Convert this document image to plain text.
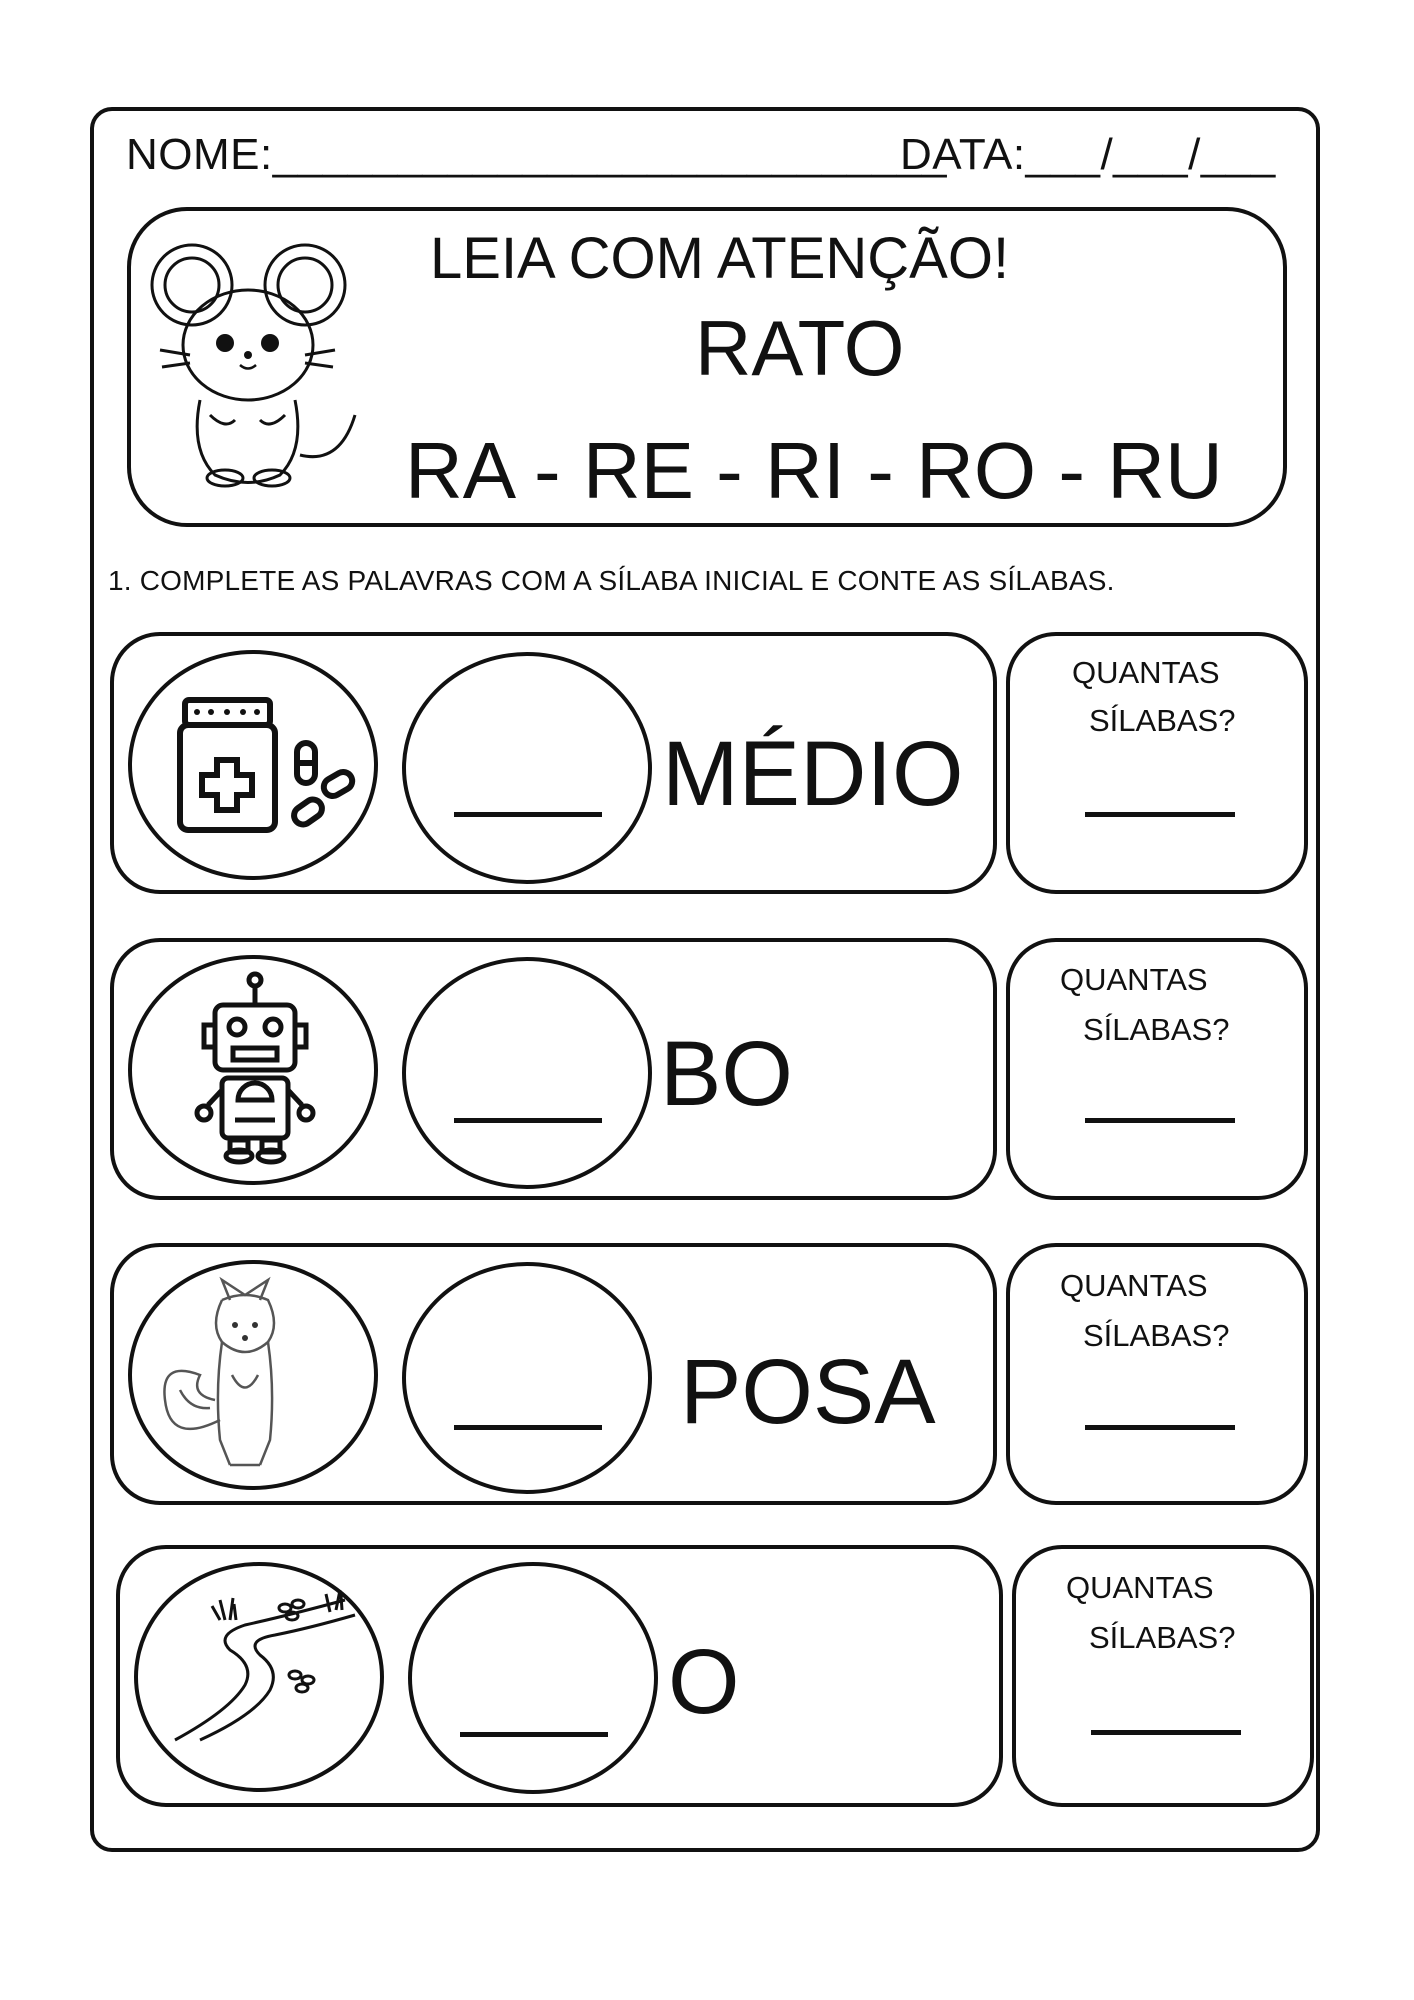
NOME:___________________________
DATA:___/___/___
LEIA COM ATENÇÃO!
RATO
RA - RE - RI - RO - RU
1. COMPLETE AS PALAVRAS COM A SÍLABA INICIAL E CONTE AS SÍLABAS.
MÉDIO
QUANTAS
SÍLABAS?
BO
QUANTAS
SÍLABAS?
POSA
QUANTAS
SÍLABAS?
O
QUANTAS
SÍLABAS?
